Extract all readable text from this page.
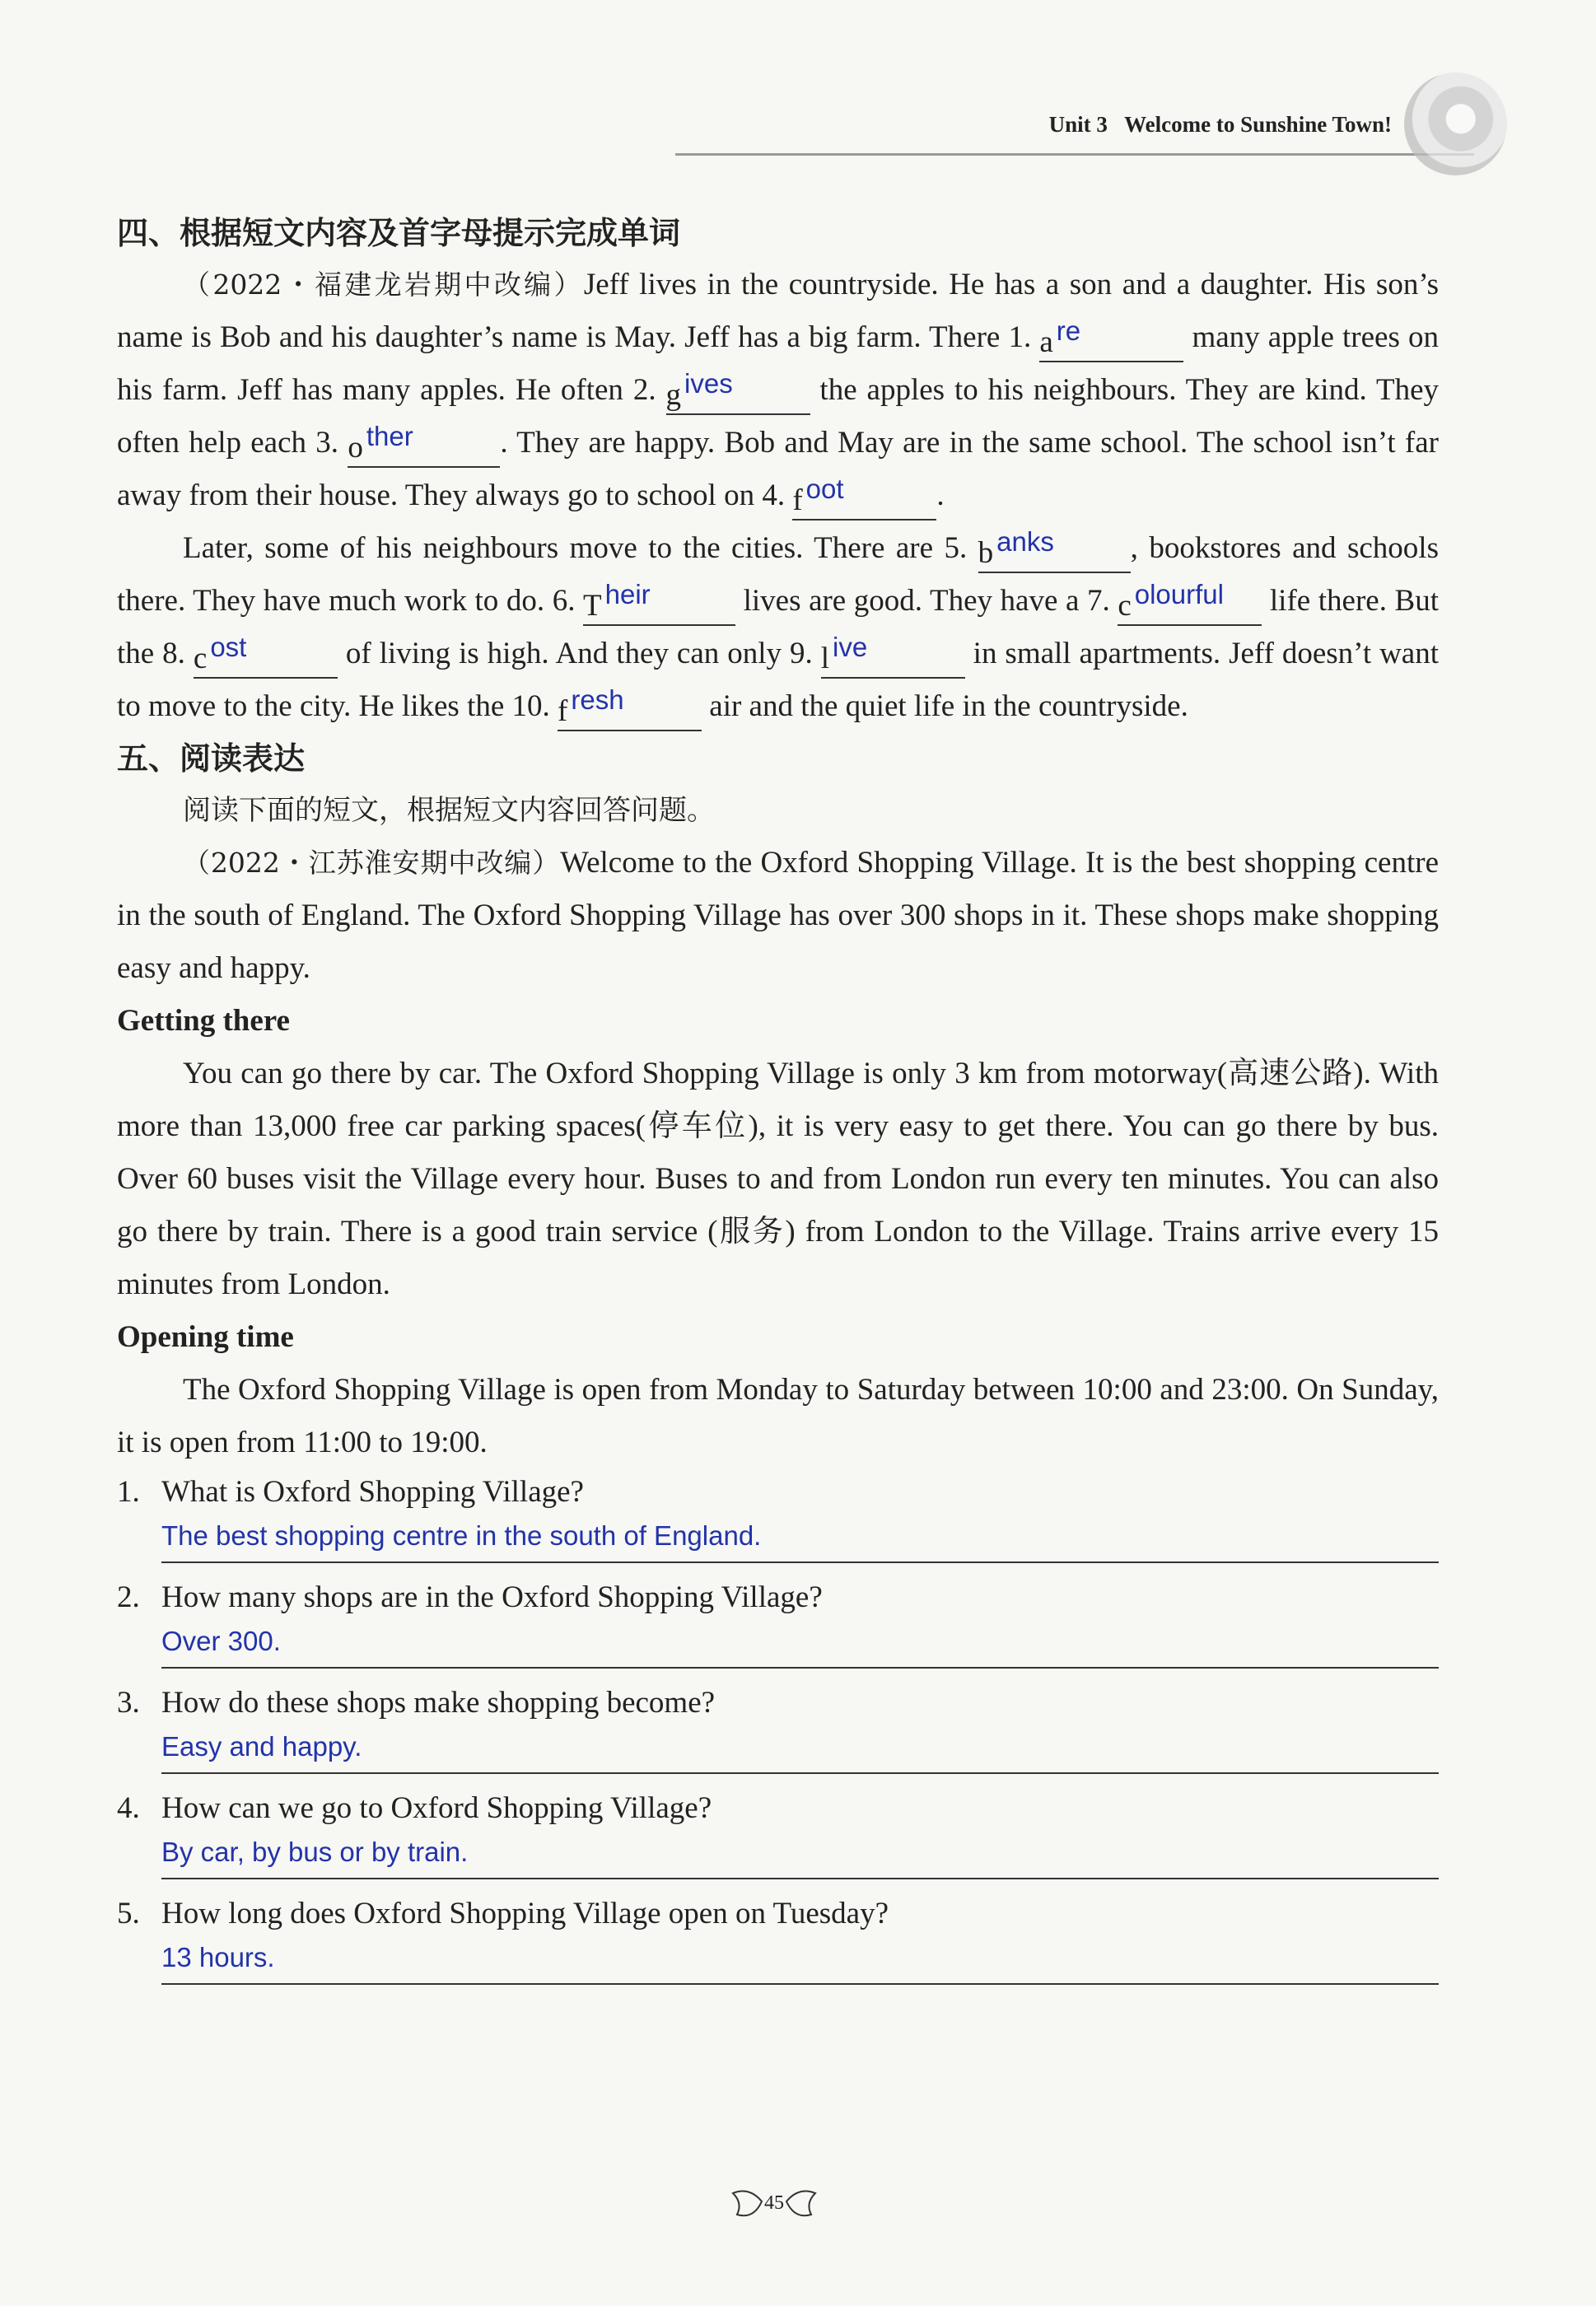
Unit 3 Welcome to Sunshine Town!
四、根据短文内容及首字母提示完成单词

（2022・福建龙岩期中改编）Jeff lives in the countryside. He has a son and a daughter. His son’s name is Bob and his daughter’s name is May. Jeff has a big farm. There 1. a re	many apple trees on his farm. Jeff has many apples. He often 2. g ives	the apples to his neighbours. They are kind. They often help each 3. o ther	. They are happy. Bob and May are in the same school. The school isn’t far away from their house. They always go to school on 4. f oot	.

Later, some of his neighbours move to the cities. There are 5. b anks	, bookstores and schools there. They have much work to do. 6. T heir	lives are good. They have a 7. c olourful life there. But the 8. c ost	of living is high. And they can only 9. l ive	in small apartments. Jeff doesn’t want to move to the city. He likes the 10. f resh	air and the quiet life in the countryside.

五、阅读表达

阅读下面的短文，根据短文内容回答问题。

（2022・江苏淮安期中改编）Welcome to the Oxford Shopping Village. It is the best shopping centre in the south of England. The Oxford Shopping Village has over 300 shops in it. These shops make shopping easy and happy.

Getting there

You can go there by car. The Oxford Shopping Village is only 3 km from motorway(高速公路). With more than 13,000 free car parking spaces(停车位), it is very easy to get there. You can go there by bus. Over 60 buses visit the Village every hour. Buses to and from London run every ten minutes. You can also go there by train. There is a good train service (服务) from London to the Village. Trains arrive every 15 minutes from London.

Opening time

The Oxford Shopping Village is open from Monday to Saturday between 10:00 and 23:00. On Sunday, it is open from 11:00 to 19:00.

1. What is Oxford Shopping Village?
The best shopping centre in the south of England.
2. How many shops are in the Oxford Shopping Village?
Over 300.
3. How do these shops make shopping become?
Easy and happy.
4. How can we go to Oxford Shopping Village?
By car, by bus or by train.
5. How long does Oxford Shopping Village open on Tuesday?
13 hours.
45
